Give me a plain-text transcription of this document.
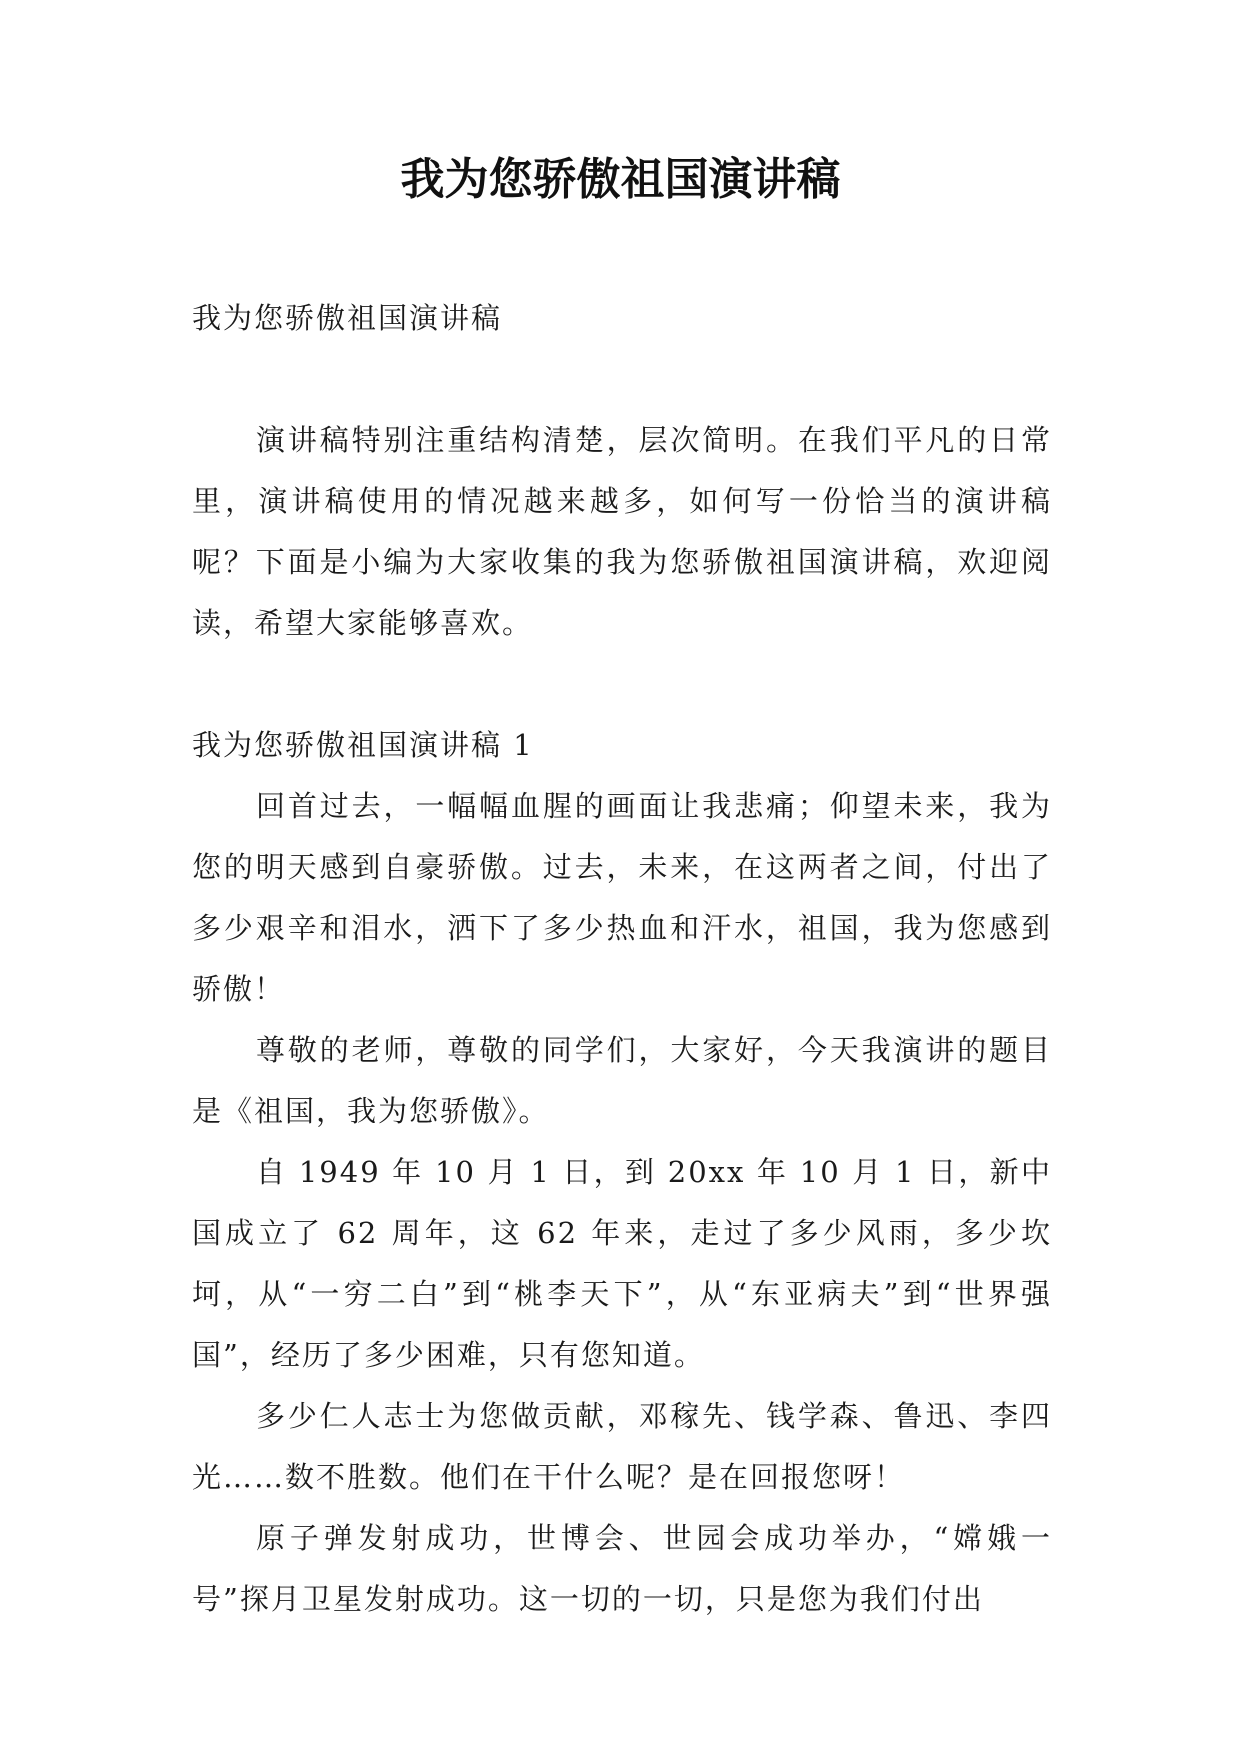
我为您骄傲祖国演讲稿

我为您骄傲祖国演讲稿

演讲稿特别注重结构清楚，层次简明。在我们平凡的日常里，演讲稿使用的情况越来越多，如何写一份恰当的演讲稿呢？下面是小编为大家收集的我为您骄傲祖国演讲稿，欢迎阅读，希望大家能够喜欢。

我为您骄傲祖国演讲稿 1

回首过去，一幅幅血腥的画面让我悲痛；仰望未来，我为您的明天感到自豪骄傲。过去，未来，在这两者之间，付出了多少艰辛和泪水，洒下了多少热血和汗水，祖国，我为您感到骄傲！

尊敬的老师，尊敬的同学们，大家好，今天我演讲的题目是《祖国，我为您骄傲》。

自 1949 年 10 月 1 日，到 20xx 年 10 月 1 日，新中国成立了 62 周年，这 62 年来，走过了多少风雨，多少坎坷，从“一穷二白”到“桃李天下”，从“东亚病夫”到“世界强国”，经历了多少困难，只有您知道。

多少仁人志士为您做贡献，邓稼先、钱学森、鲁迅、李四光……数不胜数。他们在干什么呢？是在回报您呀！

原子弹发射成功，世博会、世园会成功举办，“嫦娥一号”探月卫星发射成功。这一切的一切，只是您为我们付出
